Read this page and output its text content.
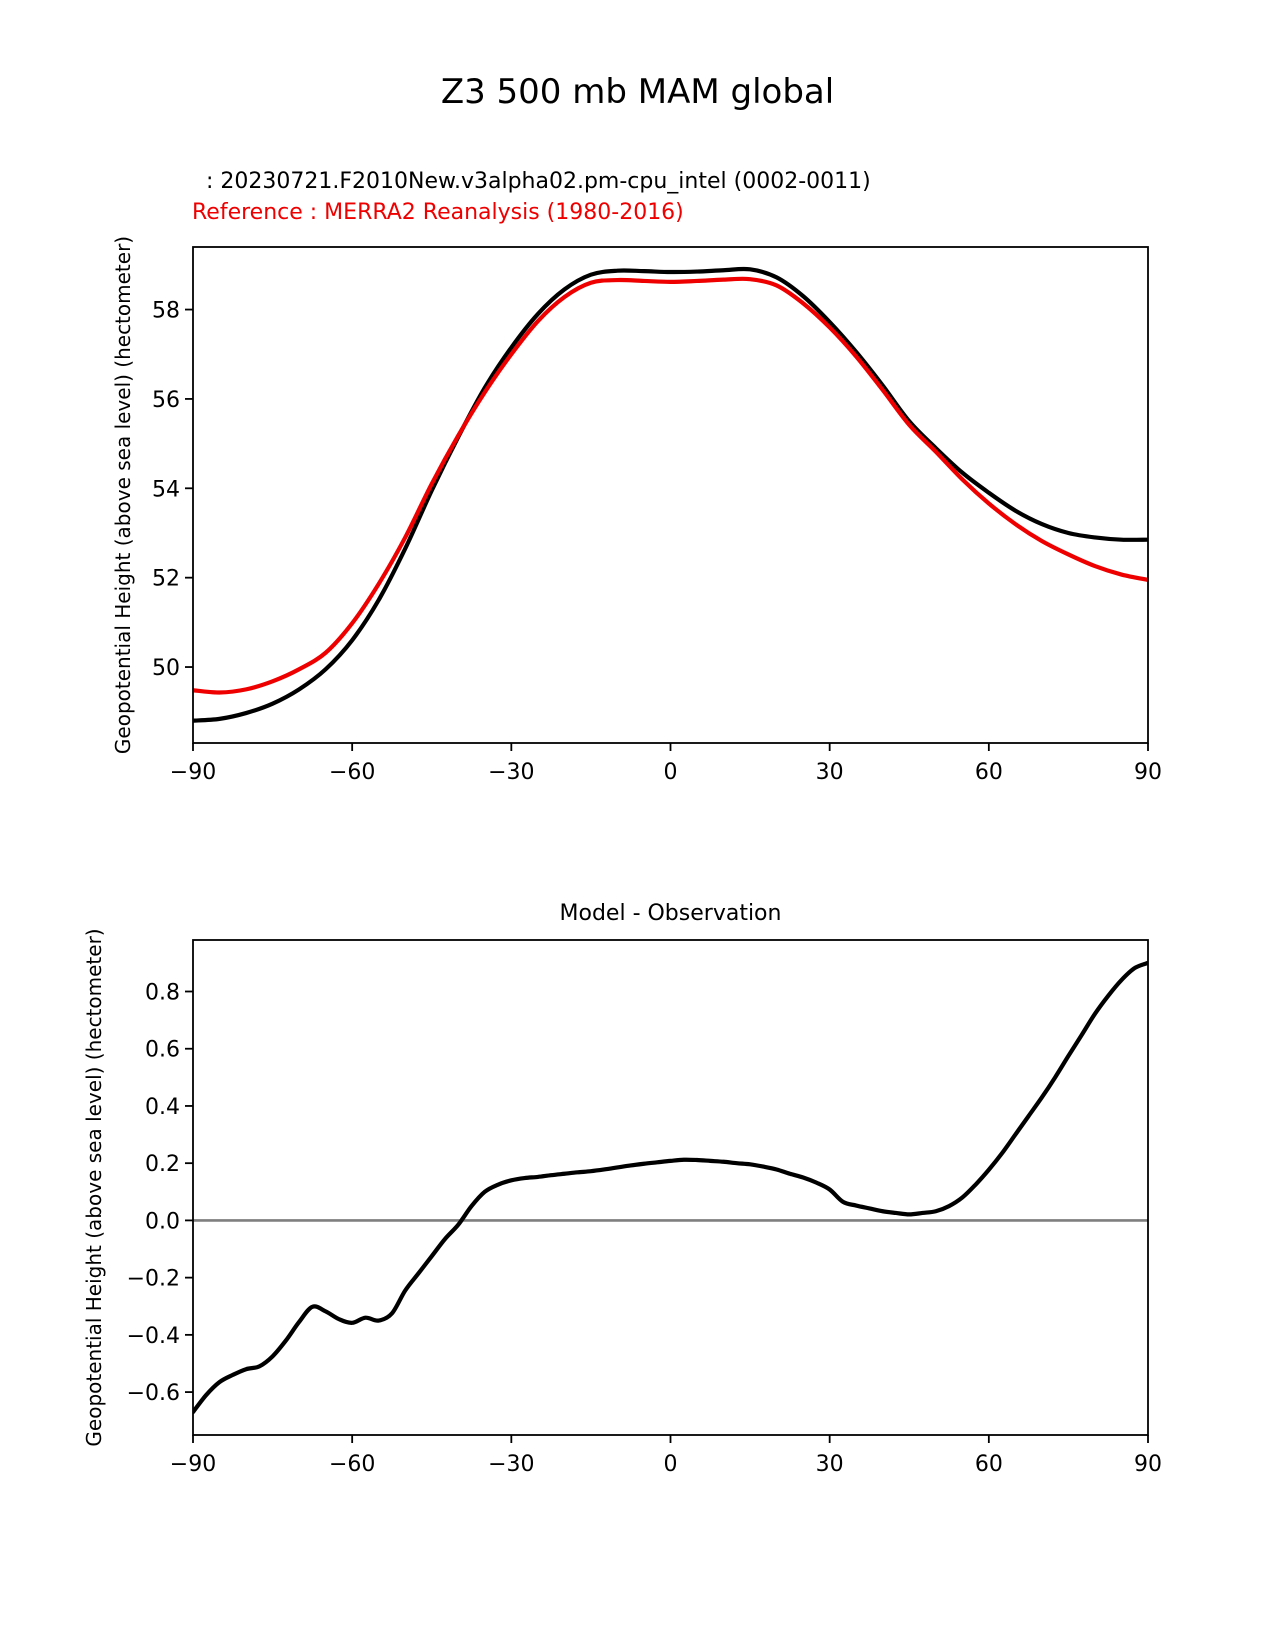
Z3 500 mb MAM global
: 20230721.F2010New.v3alpha02.pm-cpu_intel (0002-0011)
Reference : MERRA2 Reanalysis (1980-2016)
Model - Observation
−90	−60	−30	0	30	60	90
58
56
54
52
50
Geopotential Height (above sea level) (hectometer)
−90	−60	−30	0	30	60	90
0.8
0.6
0.4
0.2
0.0
−0.2
−0.4
−0.6
Geopotential Height (above sea level) (hectometer)
